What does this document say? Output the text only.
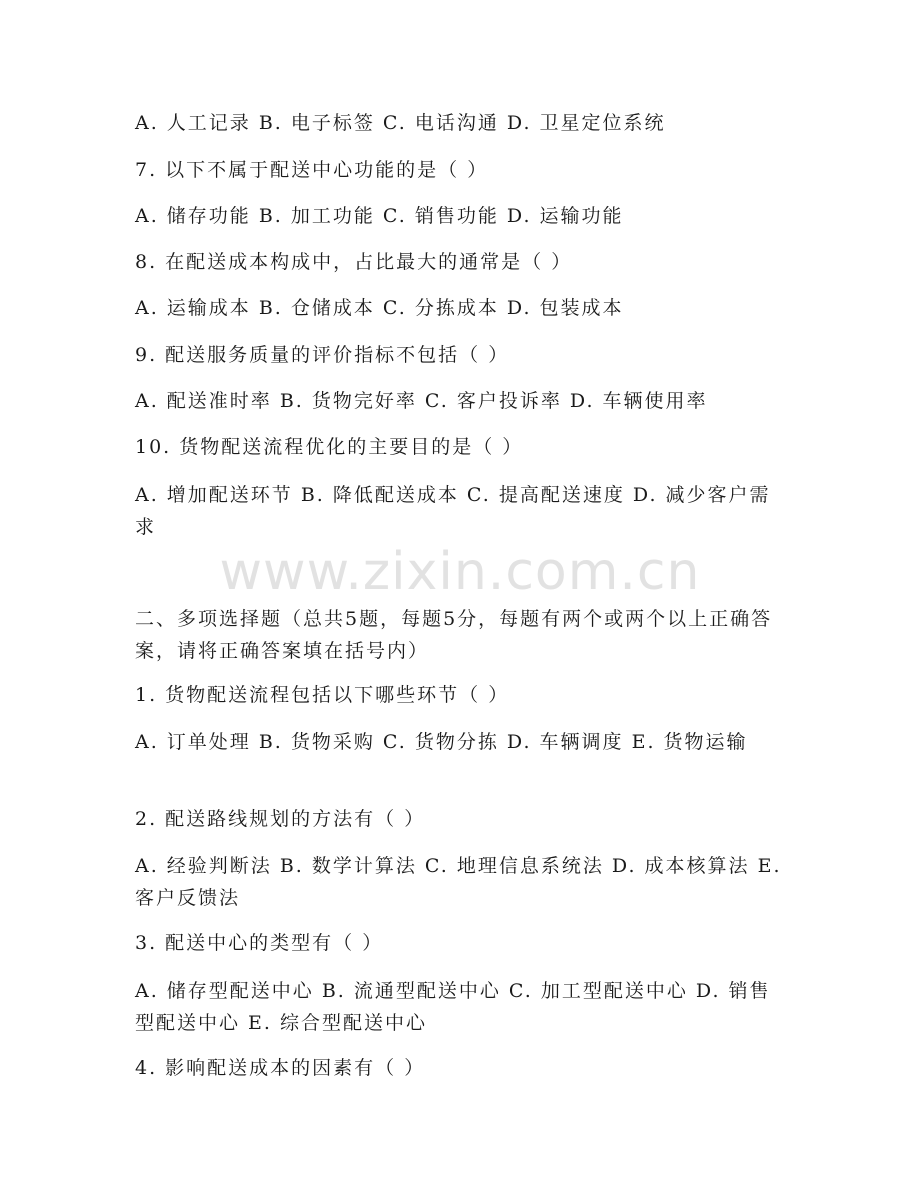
A. 人工记录 B. 电子标签 C. 电话沟通 D. 卫星定位系统
7. 以下不属于配送中心功能的是（ ）
A. 储存功能 B. 加工功能 C. 销售功能 D. 运输功能
8. 在配送成本构成中，占比最大的通常是（ ）
A. 运输成本 B. 仓储成本 C. 分拣成本 D. 包装成本
9. 配送服务质量的评价指标不包括（ ）
A. 配送准时率 B. 货物完好率 C. 客户投诉率 D. 车辆使用率
10. 货物配送流程优化的主要目的是（ ）
A. 增加配送环节 B. 降低配送成本 C. 提高配送速度 D. 减少客户需求
www.zixin.com.cn
二、多项选择题（总共5题，每题5分，每题有两个或两个以上正确答案，请将正确答案填在括号内）
1. 货物配送流程包括以下哪些环节（ ）
A. 订单处理 B. 货物采购 C. 货物分拣 D. 车辆调度 E. 货物运输
2. 配送路线规划的方法有（ ）
A. 经验判断法 B. 数学计算法 C. 地理信息系统法 D. 成本核算法 E. 客户反馈法
3. 配送中心的类型有（ ）
A. 储存型配送中心 B. 流通型配送中心 C. 加工型配送中心 D. 销售型配送中心 E. 综合型配送中心
4. 影响配送成本的因素有（ ）
